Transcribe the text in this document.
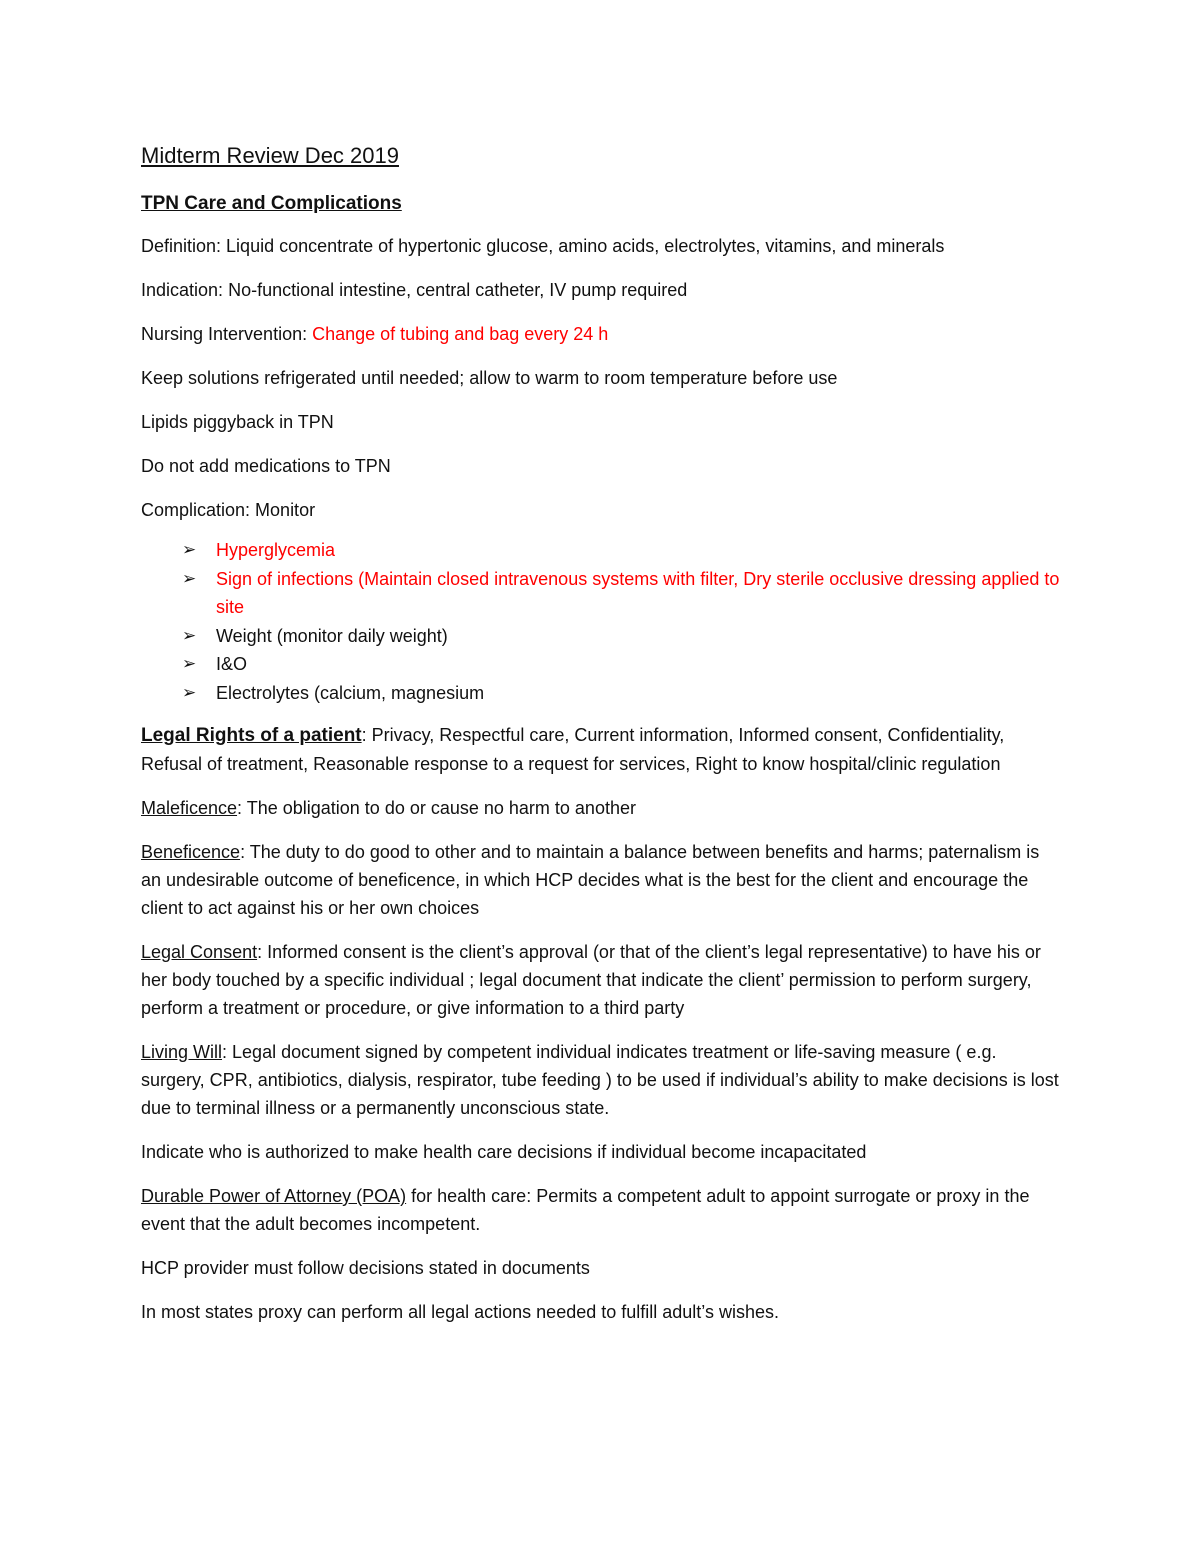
Midterm Review Dec 2019
TPN Care and Complications

Definition: Liquid concentrate of hypertonic glucose, amino acids, electrolytes, vitamins, and minerals

Indication: No-functional intestine, central catheter, IV pump required

Nursing Intervention: Change of tubing and bag every 24 h

Keep solutions refrigerated until needed; allow to warm to room temperature before use

Lipids piggyback in TPN

Do not add medications to TPN

Complication: Monitor

➢ Hyperglycemia
➢ Sign of infections (Maintain closed intravenous systems with filter, Dry sterile occlusive dressing applied to site
➢ Weight (monitor daily weight)
➢ I&O
➢ Electrolytes (calcium, magnesium

Legal Rights of a patient: Privacy, Respectful care, Current information, Informed consent, Confidentiality, Refusal of treatment, Reasonable response to a request for services, Right to know hospital/clinic regulation

Maleficence: The obligation to do or cause no harm to another

Beneficence: The duty to do good to other and to maintain a balance between benefits and harms; paternalism is an undesirable outcome of beneficence, in which HCP decides what is the best for the client and encourage the client to act against his or her own choices

Legal Consent: Informed consent is the client’s approval (or that of the client’s legal representative) to have his or her body touched by a specific individual ; legal document that indicate the client’ permission to perform surgery, perform a treatment or procedure, or give information to a third party

Living Will: Legal document signed by competent individual indicates treatment or life-saving measure ( e.g. surgery, CPR, antibiotics, dialysis, respirator, tube feeding ) to be used if individual’s ability to make decisions is lost due to terminal illness or a permanently unconscious state.

Indicate who is authorized to make health care decisions if individual become incapacitated

Durable Power of Attorney (POA) for health care: Permits a competent adult to appoint surrogate or proxy in the event that the adult becomes incompetent.

HCP provider must follow decisions stated in documents

In most states proxy can perform all legal actions needed to fulfill adult’s wishes.
